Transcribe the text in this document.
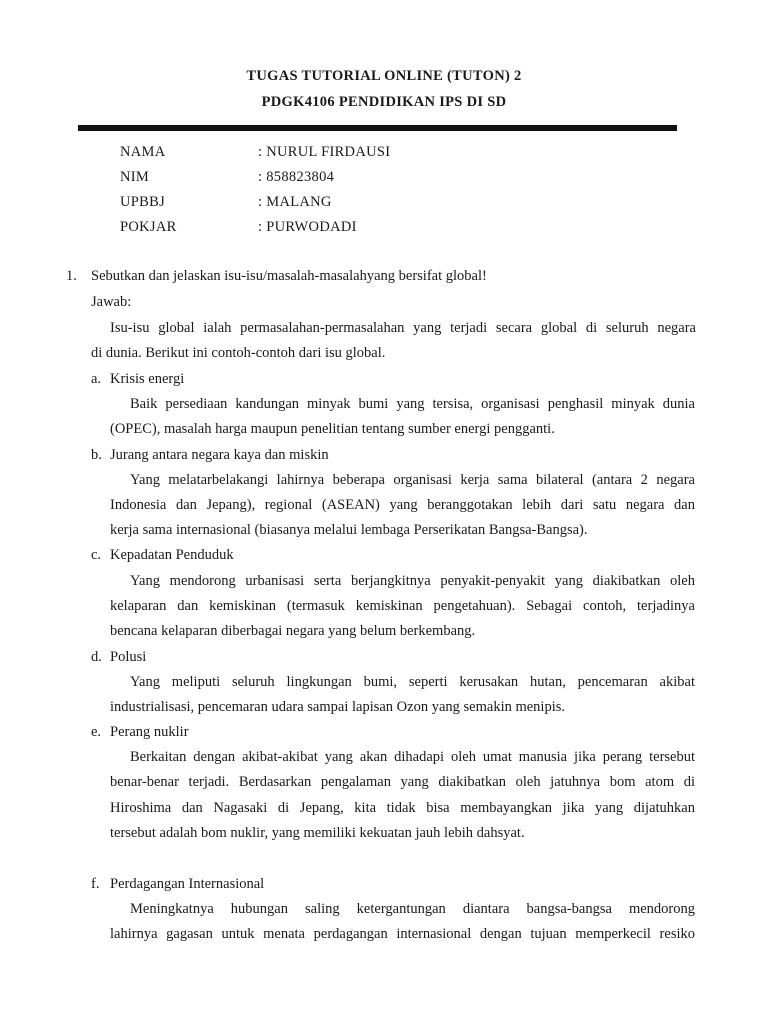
TUGAS TUTORIAL ONLINE (TUTON) 2
PDGK4106 PENDIDIKAN IPS DI SD
NAMA	: NURUL FIRDAUSI
NIM	: 858823804
UPBBJ	: MALANG
POKJAR	: PURWODADI
1. Sebutkan dan jelaskan isu-isu/masalah-masalahyang bersifat global!
Jawab:
Isu-isu global ialah permasalahan-permasalahan yang terjadi secara global di seluruh negara
di dunia. Berikut ini contoh-contoh dari isu global.
a. Krisis energi
Baik persediaan kandungan minyak bumi yang tersisa, organisasi penghasil minyak dunia
(OPEC), masalah harga maupun penelitian tentang sumber energi pengganti.
b. Jurang antara negara kaya dan miskin
Yang melatarbelakangi lahirnya beberapa organisasi kerja sama bilateral (antara 2 negara
Indonesia dan Jepang), regional (ASEAN) yang beranggotakan lebih dari satu negara dan
kerja sama internasional (biasanya melalui lembaga Perserikatan Bangsa-Bangsa).
c. Kepadatan Penduduk
Yang mendorong urbanisasi serta berjangkitnya penyakit-penyakit yang diakibatkan oleh
kelaparan dan kemiskinan (termasuk kemiskinan pengetahuan). Sebagai contoh, terjadinya
bencana kelaparan diberbagai negara yang belum berkembang.
d. Polusi
Yang meliputi seluruh lingkungan bumi, seperti kerusakan hutan, pencemaran akibat
industrialisasi, pencemaran udara sampai lapisan Ozon yang semakin menipis.
e. Perang nuklir
Berkaitan dengan akibat-akibat yang akan dihadapi oleh umat manusia jika perang tersebut
benar-benar terjadi. Berdasarkan pengalaman yang diakibatkan oleh jatuhnya bom atom di
Hiroshima dan Nagasaki di Jepang, kita tidak bisa membayangkan jika yang dijatuhkan
tersebut adalah bom nuklir, yang memiliki kekuatan jauh lebih dahsyat.
f. Perdagangan Internasional
Meningkatnya hubungan saling ketergantungan diantara bangsa-bangsa mendorong
lahirnya gagasan untuk menata perdagangan internasional dengan tujuan memperkecil resiko
